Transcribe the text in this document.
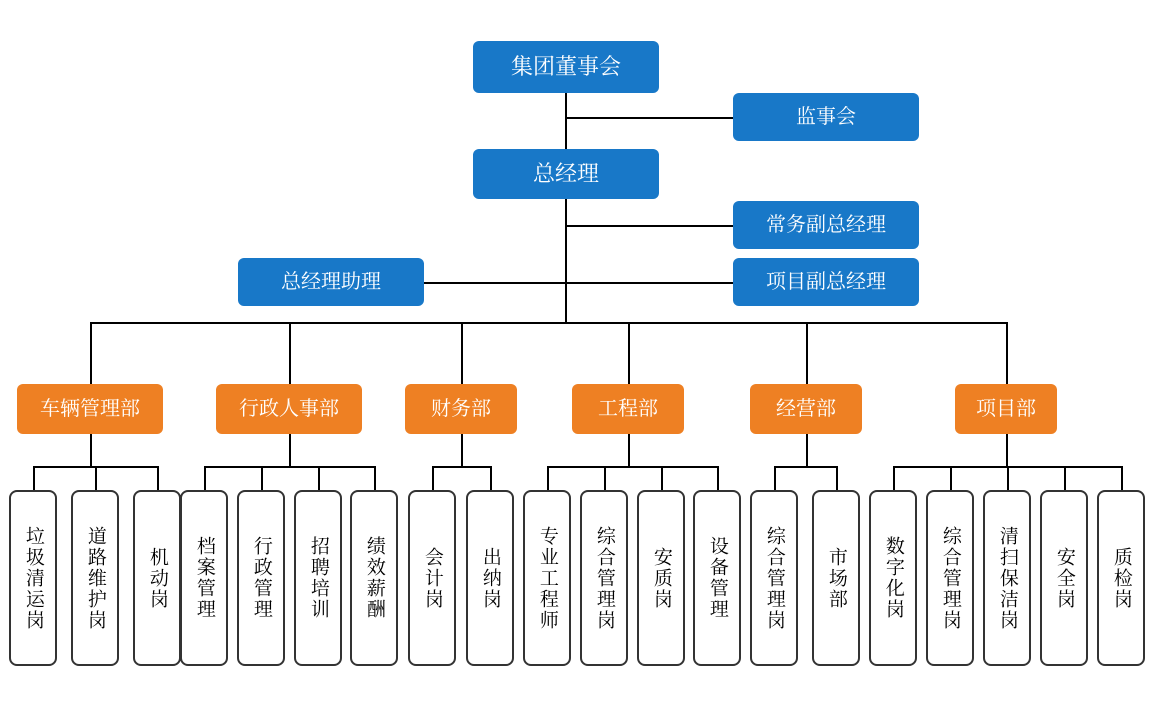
集团董事会
监事会
总经理
常务副总经理
项目副总经理
总经理助理
车辆管理部	行政人事部	财务部	工程部	经营部	项目部
垃圾清运岗	道路维护岗	机动岗	档案管理	行政管理	招聘培训	绩效薪酬	会计岗	出纳岗	专业工程师	综合管理岗	安质岗	设备管理	综合管理岗	市场部	数字化岗	综合管理岗	清扫保洁岗	安全岗	质检岗
